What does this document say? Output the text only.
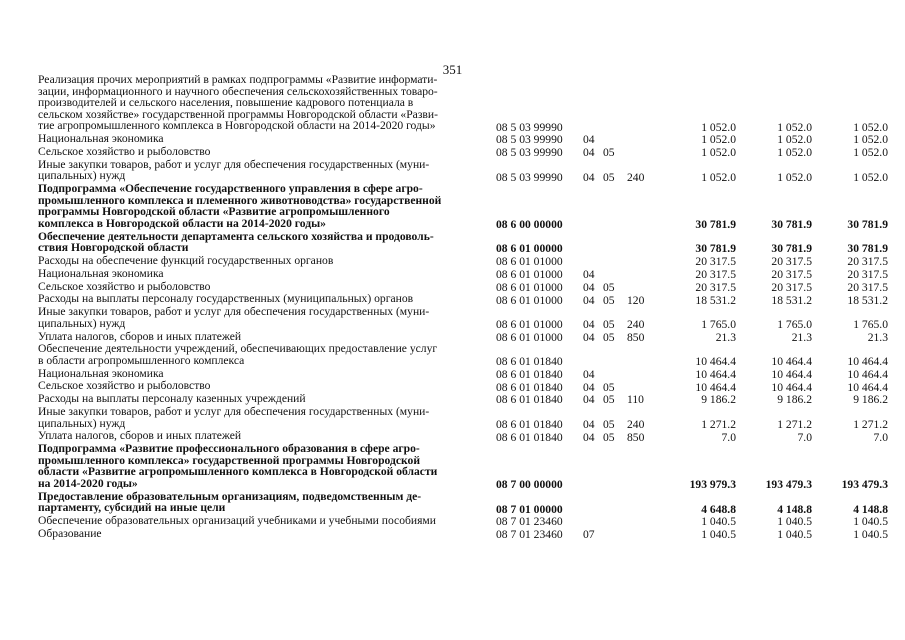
351
Реализация прочих мероприятий в рамках подпрограммы «Развитие информати-
зации, информационного и научного обеспечения сельскохозяйственных товаро-
производителей и сельского населения, повышение кадрового потенциала в
сельском хозяйстве» государственной программы Новгородской области «Разви-
тие агропромышленного комплекса в Новгородской области на 2014-2020 годы»	08 5 03 99990				1 052.0	1 052.0	1 052.0
Национальная экономика	08 5 03 99990	04			1 052.0	1 052.0	1 052.0
Сельское хозяйство и рыболовство	08 5 03 99990	04	05		1 052.0	1 052.0	1 052.0
Иные закупки товаров, работ и услуг для обеспечения государственных (муни-
ципальных) нужд	08 5 03 99990	04	05	240	1 052.0	1 052.0	1 052.0
Подпрограмма «Обеспечение государственного управления в сфере агро-
промышленного комплекса и племенного животноводства» государственной
программы Новгородской области «Развитие агропромышленного
комплекса в Новгородской области на 2014-2020 годы»	08 6 00 00000				30 781.9	30 781.9	30 781.9
Обеспечение деятельности департамента сельского хозяйства и продоволь-
ствия Новгородской области	08 6 01 00000				30 781.9	30 781.9	30 781.9
Расходы на обеспечение функций государственных органов	08 6 01 01000				20 317.5	20 317.5	20 317.5
Национальная экономика	08 6 01 01000	04			20 317.5	20 317.5	20 317.5
Сельское хозяйство и рыболовство	08 6 01 01000	04	05		20 317.5	20 317.5	20 317.5
Расходы на выплаты персоналу государственных (муниципальных) органов	08 6 01 01000	04	05	120	18 531.2	18 531.2	18 531.2
Иные закупки товаров, работ и услуг для обеспечения государственных (муни-
ципальных) нужд	08 6 01 01000	04	05	240	1 765.0	1 765.0	1 765.0
Уплата налогов, сборов и иных платежей	08 6 01 01000	04	05	850	21.3	21.3	21.3
Обеспечение деятельности учреждений, обеспечивающих предоставление услуг
в области агропромышленного комплекса	08 6 01 01840				10 464.4	10 464.4	10 464.4
Национальная экономика	08 6 01 01840	04			10 464.4	10 464.4	10 464.4
Сельское хозяйство и рыболовство	08 6 01 01840	04	05		10 464.4	10 464.4	10 464.4
Расходы на выплаты персоналу казенных учреждений	08 6 01 01840	04	05	110	9 186.2	9 186.2	9 186.2
Иные закупки товаров, работ и услуг для обеспечения государственных (муни-
ципальных) нужд	08 6 01 01840	04	05	240	1 271.2	1 271.2	1 271.2
Уплата налогов, сборов и иных платежей	08 6 01 01840	04	05	850	7.0	7.0	7.0
Подпрограмма «Развитие профессионального образования в сфере агро-
промышленного комплекса» государственной программы Новгородской
области «Развитие агропромышленного комплекса в Новгородской области
на 2014-2020 годы»	08 7 00 00000				193 979.3	193 479.3	193 479.3
Предоставление образовательным организациям, подведомственным де-
партаменту, субсидий на иные цели	08 7 01 00000				4 648.8	4 148.8	4 148.8
Обеспечение образовательных организаций учебниками и учебными пособиями	08 7 01 23460				1 040.5	1 040.5	1 040.5
Образование	08 7 01 23460	07			1 040.5	1 040.5	1 040.5
